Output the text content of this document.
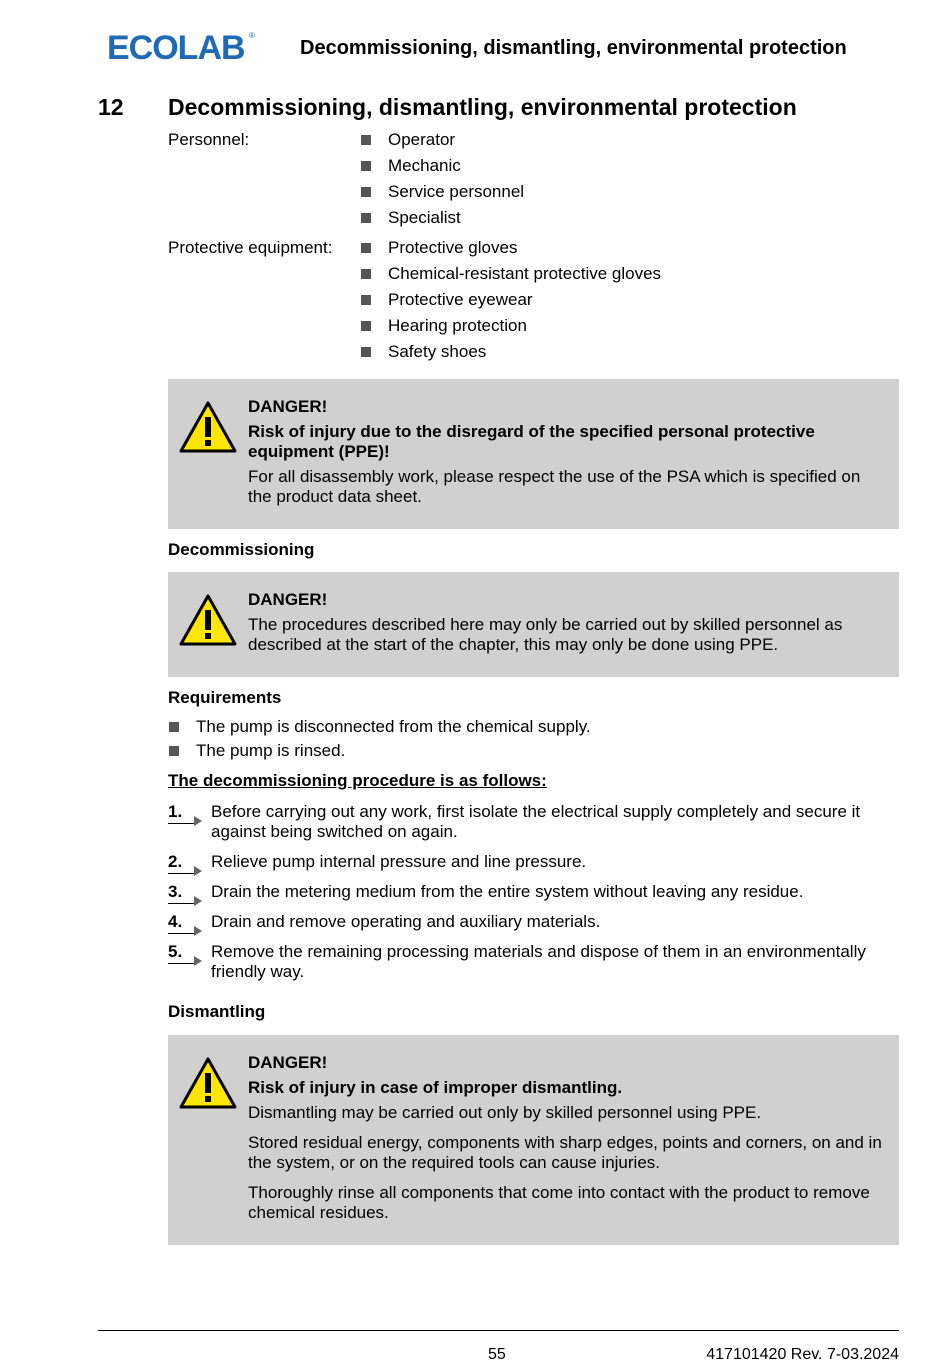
ECOLAB ®
Decommissioning, dismantling, environmental protection
12 Decommissioning, dismantling, environmental protection
Personnel:	Operator
Mechanic
Service personnel
Specialist
Protective equipment:	Protective gloves
Chemical-resistant protective gloves
Protective eyewear
Hearing protection
Safety shoes

DANGER!

Risk of injury due to the disregard of the specified personal protective equipment (PPE)!

For all disassembly work, please respect the use of the PSA which is specified on the product data sheet.

Decommissioning

DANGER!

The procedures described here may only be carried out by skilled personnel as described at the start of the chapter, this may only be done using PPE.

Requirements
The pump is disconnected from the chemical supply.
The pump is rinsed.
The decommissioning procedure is as follows:
1.	Before carrying out any work, first isolate the electrical supply completely and secure it against being switched on again.
2.	Relieve pump internal pressure and line pressure.
3.	Drain the metering medium from the entire system without leaving any residue.
4.	Drain and remove operating and auxiliary materials.
5.	Remove the remaining processing materials and dispose of them in an environmentally friendly way.
Dismantling

DANGER!

Risk of injury in case of improper dismantling.

Dismantling may be carried out only by skilled personnel using PPE.

Stored residual energy, components with sharp edges, points and corners, on and in the system, or on the required tools can cause injuries.

Thoroughly rinse all components that come into contact with the product to remove chemical residues.

55	417101420 Rev. 7-03.2024
